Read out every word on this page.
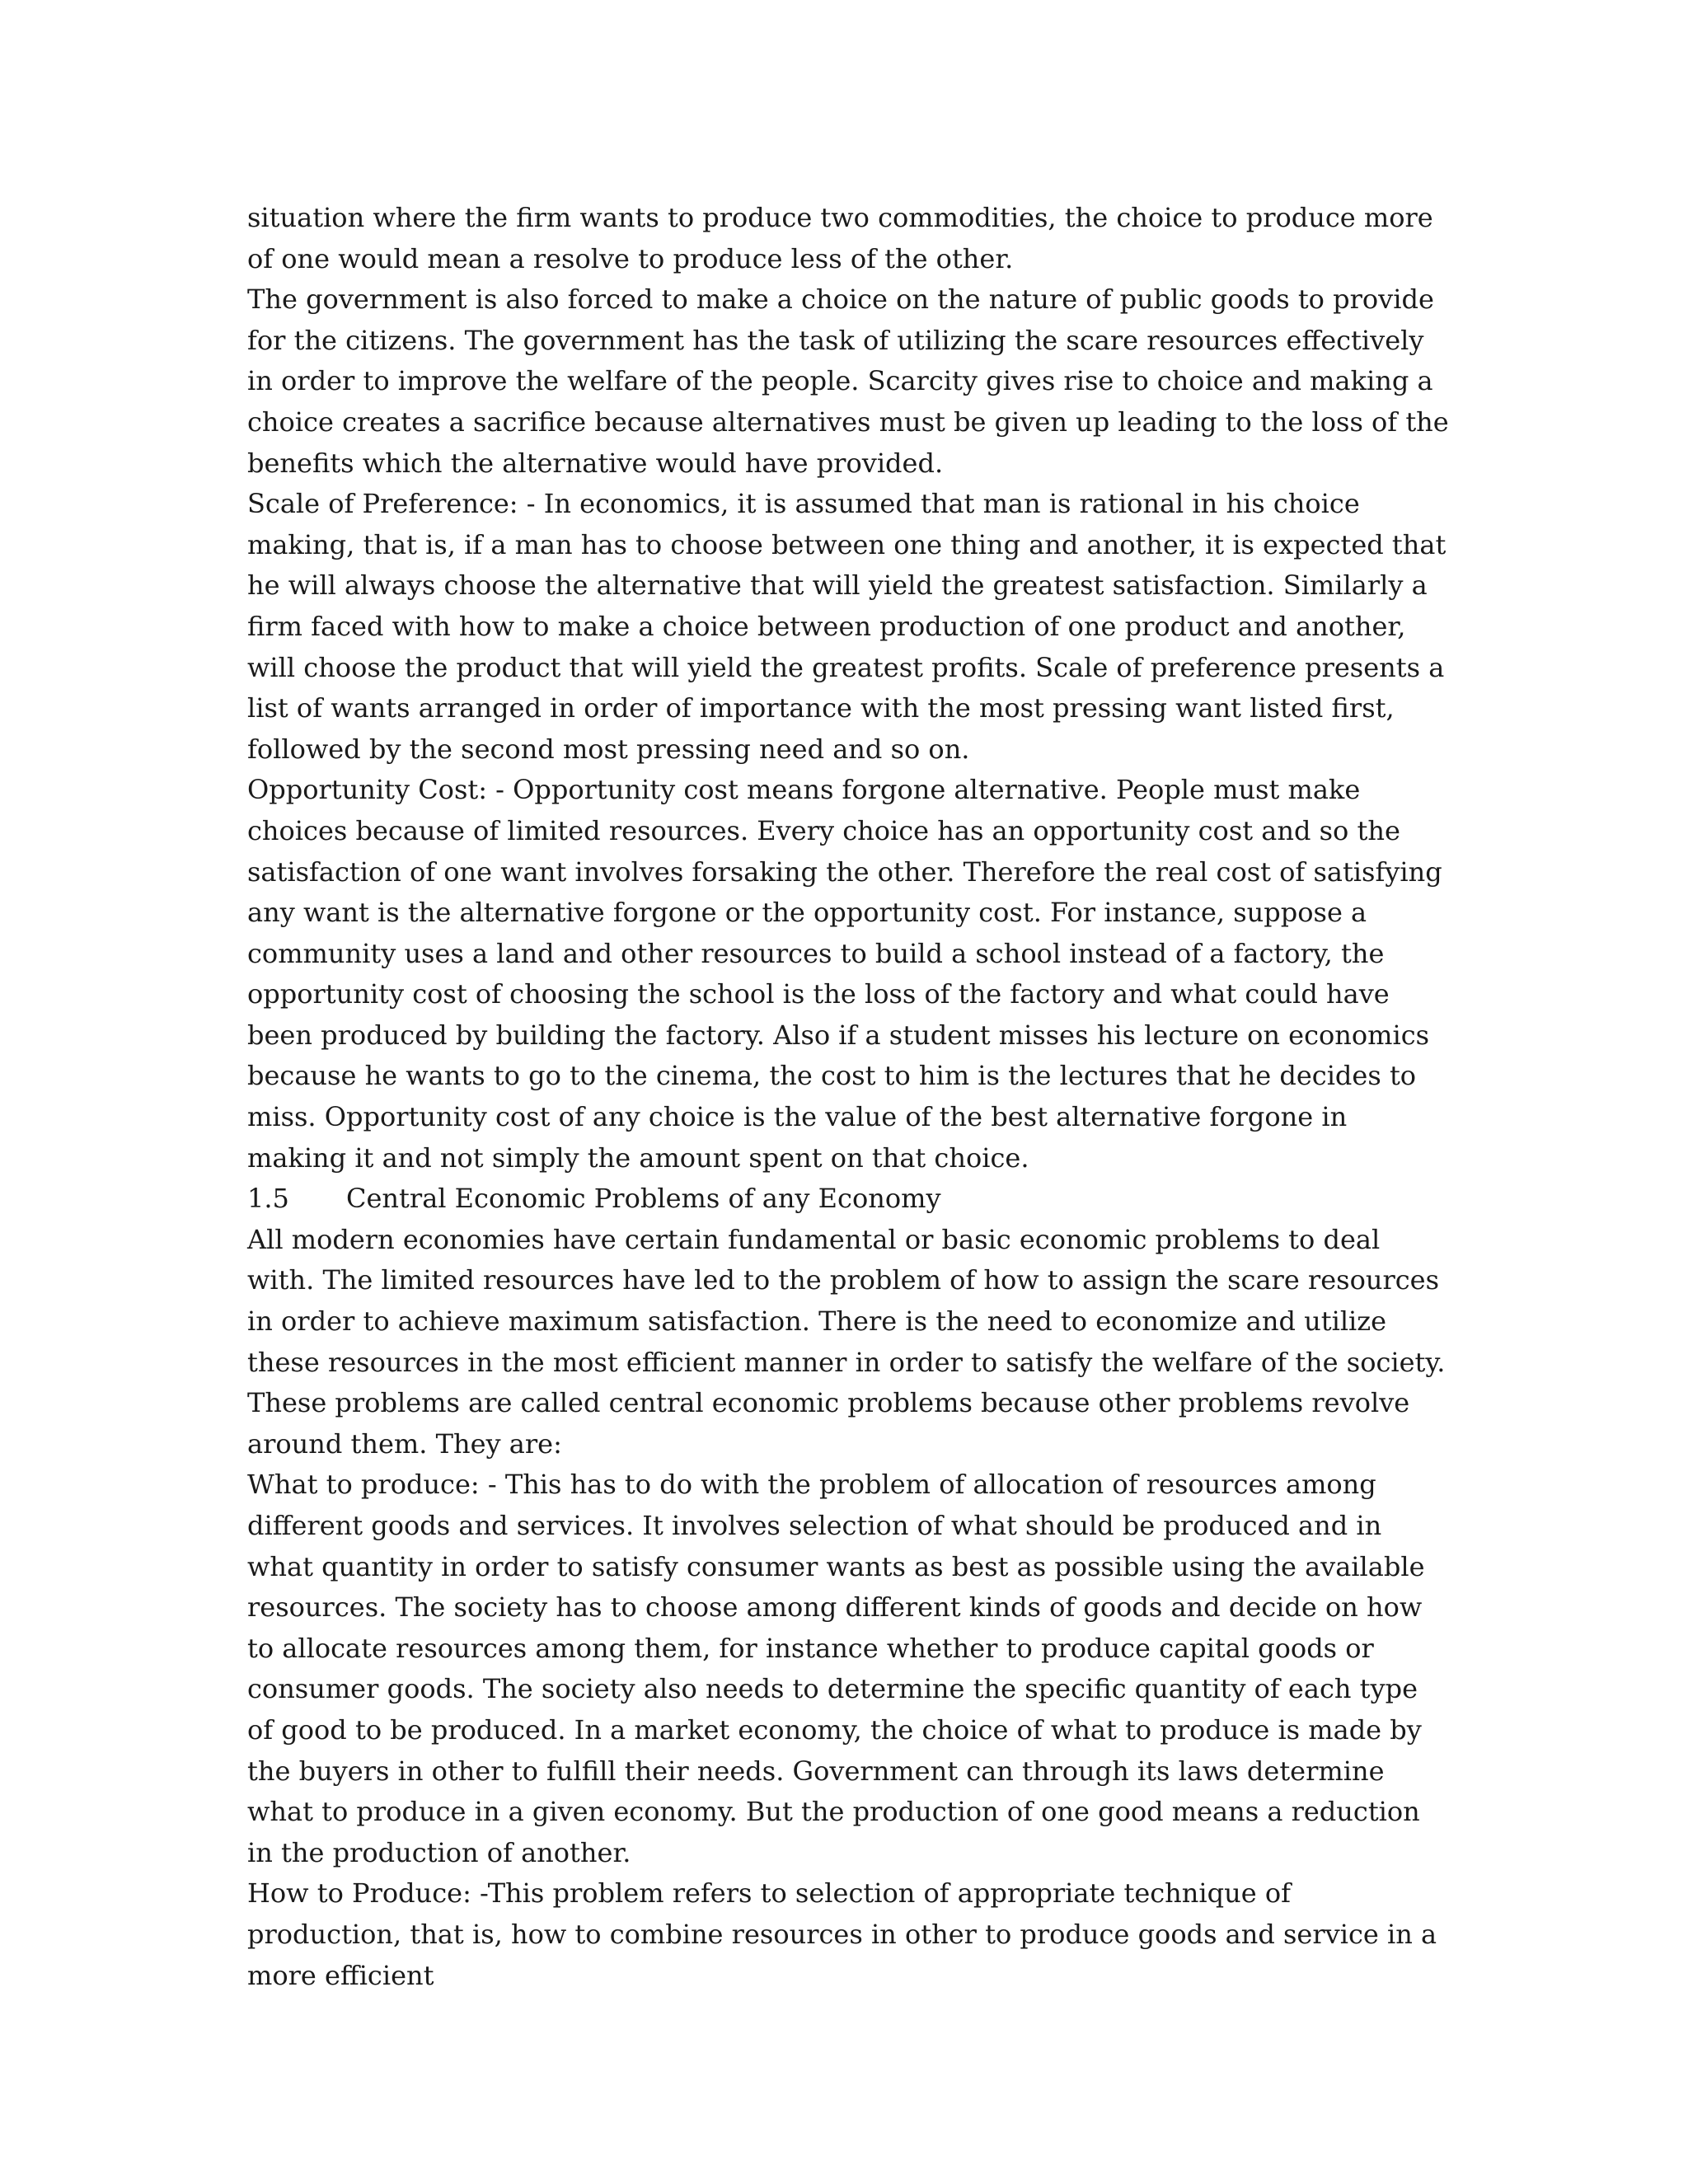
situation where the firm wants to produce two commodities, the choice to produce more of one would mean a resolve to produce less of the other.

The government is also forced to make a choice on the nature of public goods to provide for the citizens. The government has the task of utilizing the scare resources effectively in order to improve the welfare of the people. Scarcity gives rise to choice and making a choice creates a sacrifice because alternatives must be given up leading to the loss of the benefits which the alternative would have provided.

Scale of Preference: - In economics, it is assumed that man is rational in his choice making, that is, if a man has to choose between one thing and another, it is expected that he will always choose the alternative that will yield the greatest satisfaction. Similarly a firm faced with how to make a choice between production of one product and another, will choose the product that will yield the greatest profits. Scale of preference presents a list of wants arranged in order of importance with the most pressing want listed first, followed by the second most pressing need and so on.

Opportunity Cost: - Opportunity cost means forgone alternative. People must make choices because of limited resources. Every choice has an opportunity cost and so the satisfaction of one want involves forsaking the other. Therefore the real cost of satisfying any want is the alternative forgone or the opportunity cost. For instance, suppose a community uses a land and other resources to build a school instead of a factory, the opportunity cost of choosing the school is the loss of the factory and what could have been produced by building the factory. Also if a student misses his lecture on economics because he wants to go to the cinema, the cost to him is the lectures that he decides to miss. Opportunity cost of any choice is the value of the best alternative forgone in making it and not simply the amount spent on that choice.

1.5	Central Economic Problems of any Economy

All modern economies have certain fundamental or basic economic problems to deal with. The limited resources have led to the problem of how to assign the scare resources in order to achieve maximum satisfaction. There is the need to economize and utilize these resources in the most efficient manner in order to satisfy the welfare of the society. These problems are called central economic problems because other problems revolve around them. They are:

What to produce: - This has to do with the problem of allocation of resources among different goods and services. It involves selection of what should be produced and in what quantity in order to satisfy consumer wants as best as possible using the available resources. The society has to choose among different kinds of goods and decide on how to allocate resources among them, for instance whether to produce capital goods or consumer goods. The society also needs to determine the specific quantity of each type of good to be produced. In a market economy, the choice of what to produce is made by the buyers in other to fulfill their needs. Government can through its laws determine what to produce in a given economy. But the production of one good means a reduction in the production of another.

How to Produce: -This problem refers to selection of appropriate technique of production, that is, how to combine resources in other to produce goods and service in a more efficient
